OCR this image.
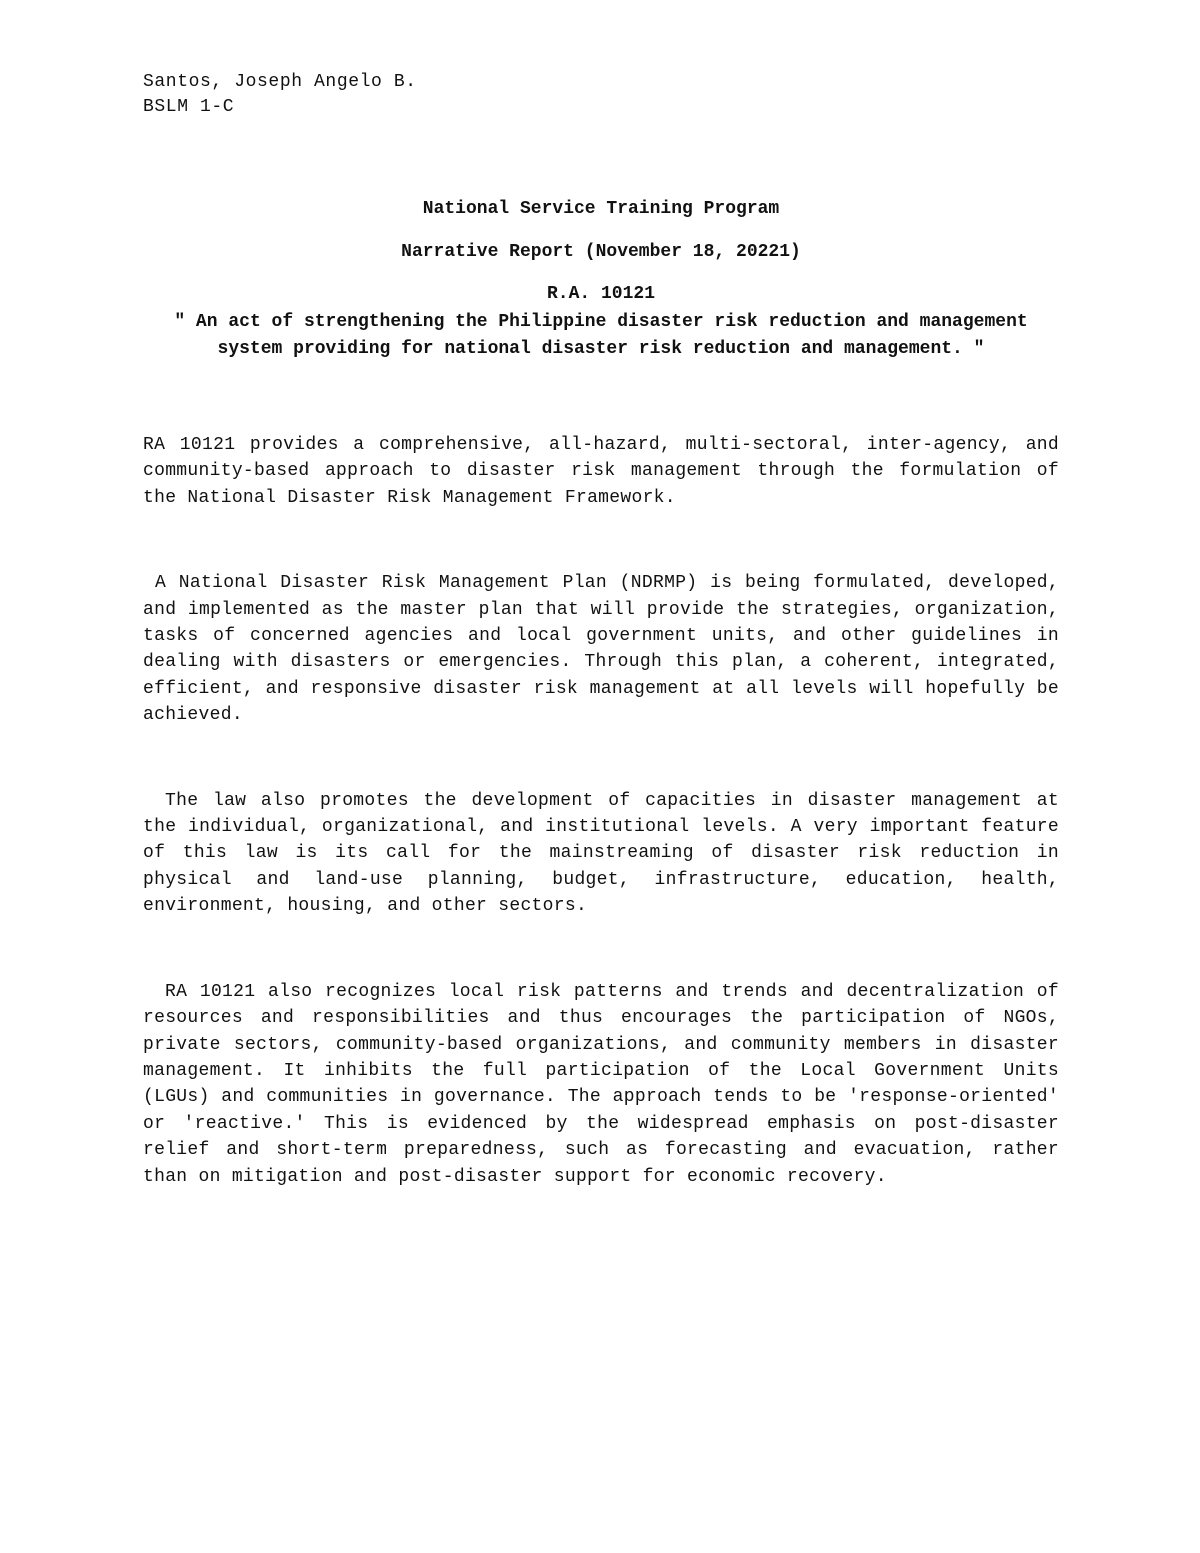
Santos, Joseph Angelo B.

BSLM 1-C

National Service Training Program

Narrative Report (November 18, 20221)

R.A. 10121

" An act of strengthening the Philippine disaster risk reduction and management system providing for national disaster risk reduction and management. "

RA 10121 provides a comprehensive, all-hazard, multi-sectoral, inter-agency, and community-based approach to disaster risk management through the formulation of the National Disaster Risk Management Framework.

A National Disaster Risk Management Plan (NDRMP) is being formulated, developed, and implemented as the master plan that will provide the strategies, organization, tasks of concerned agencies and local government units, and other guidelines in dealing with disasters or emergencies. Through this plan, a coherent, integrated, efficient, and responsive disaster risk management at all levels will hopefully be achieved.

The law also promotes the development of capacities in disaster management at the individual, organizational, and institutional levels. A very important feature of this law is its call for the mainstreaming of disaster risk reduction in physical and land-use planning, budget, infrastructure, education, health, environment, housing, and other sectors.

RA 10121 also recognizes local risk patterns and trends and decentralization of resources and responsibilities and thus encourages the participation of NGOs, private sectors, community-based organizations, and community members in disaster management. It inhibits the full participation of the Local Government Units (LGUs) and communities in governance. The approach tends to be 'response-oriented' or 'reactive.' This is evidenced by the widespread emphasis on post-disaster relief and short-term preparedness, such as forecasting and evacuation, rather than on mitigation and post-disaster support for economic recovery.
